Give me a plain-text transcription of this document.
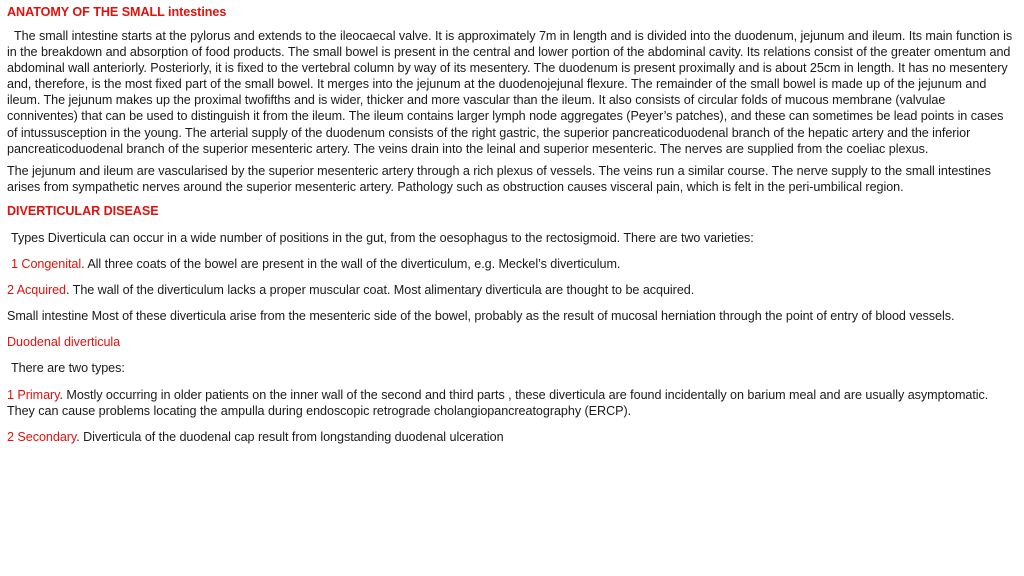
ANATOMY OF THE SMALL intestines

The small intestine starts at the pylorus and extends to the ileocaecal valve. It is approximately 7m in length and is divided into the duodenum, jejunum and ileum. Its main function is in the breakdown and absorption of food products. The small bowel is present in the central and lower portion of the abdominal cavity. Its relations consist of the greater omentum and abdominal wall anteriorly. Posteriorly, it is fixed to the vertebral column by way of its mesentery. The duodenum is present proximally and is about 25cm in length. It has no mesentery and, therefore, is the most fixed part of the small bowel. It merges into the jejunum at the duodenojejunal flexure. The remainder of the small bowel is made up of the jejunum and ileum. The jejunum makes up the proximal twofifths and is wider, thicker and more vascular than the ileum. It also consists of circular folds of mucous membrane (valvulae conniventes) that can be used to distinguish it from the ileum. The ileum contains larger lymph node aggregates (Peyer’s patches), and these can sometimes be lead points in cases of intussusception in the young. The arterial supply of the duodenum consists of the right gastric, the superior pancreaticoduodenal branch of the hepatic artery and the inferior pancreaticoduodenal branch of the superior mesenteric artery. The veins drain into the leinal and superior mesenteric. The nerves are supplied from the coeliac plexus.

The jejunum and ileum are vascularised by the superior mesenteric artery through a rich plexus of vessels. The veins run a similar course. The nerve supply to the small intestines arises from sympathetic nerves around the superior mesenteric artery. Pathology such as obstruction causes visceral pain, which is felt in the peri-umbilical region.

DIVERTICULAR DISEASE

Types Diverticula can occur in a wide number of positions in the gut, from the oesophagus to the rectosigmoid. There are two varieties:

1 Congenital. All three coats of the bowel are present in the wall of the diverticulum, e.g. Meckel’s diverticulum.

2 Acquired. The wall of the diverticulum lacks a proper muscular coat. Most alimentary diverticula are thought to be acquired.

Small intestine Most of these diverticula arise from the mesenteric side of the bowel, probably as the result of mucosal herniation through the point of entry of blood vessels.

Duodenal diverticula

There are two types:

1 Primary. Mostly occurring in older patients on the inner wall of the second and third parts , these diverticula are found incidentally on barium meal and are usually asymptomatic. They can cause problems locating the ampulla during endoscopic retrograde cholangiopancreatography (ERCP).

2 Secondary. Diverticula of the duodenal cap result from longstanding duodenal ulceration
